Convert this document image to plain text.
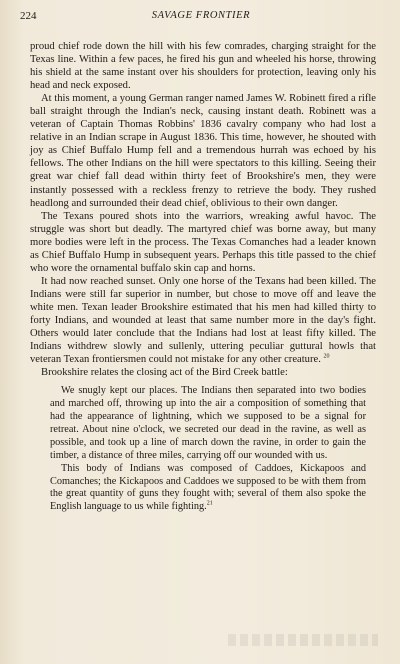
224	SAVAGE FRONTIER

proud chief rode down the hill with his few comrades, charging straight for the Texas line. Within a few paces, he fired his gun and wheeled his horse, throwing his shield at the same instant over his shoulders for protection, leaving only his head and neck exposed.

At this moment, a young German ranger named James W. Robinett fired a rifle ball straight through the Indian's neck, causing instant death. Robinett was a veteran of Captain Thomas Robbins' 1836 cavalry company who had lost a relative in an Indian scrape in August 1836. This time, however, he shouted with joy as Chief Buffalo Hump fell and a tremendous hurrah was echoed by his fellows. The other Indians on the hill were spectators to this killing. Seeing their great war chief fall dead within thirty feet of Brookshire's men, they were instantly possessed with a reckless frenzy to retrieve the body. They rushed headlong and surrounded their dead chief, oblivious to their own danger.

The Texans poured shots into the warriors, wreaking awful havoc. The struggle was short but deadly. The martyred chief was borne away, but many more bodies were left in the process. The Texas Comanches had a leader known as Chief Buffalo Hump in subsequent years. Perhaps this title passed to the chief who wore the ornamental buffalo skin cap and horns.

It had now reached sunset. Only one horse of the Texans had been killed. The Indians were still far superior in number, but chose to move off and leave the white men. Texan leader Brookshire estimated that his men had killed thirty to forty Indians, and wounded at least that same number more in the day's fight. Others would later conclude that the Indians had lost at least fifty killed. The Indians withdrew slowly and sullenly, uttering peculiar guttural howls that veteran Texan frontiersmen could not mistake for any other creature. $^{20}$

Brookshire relates the closing act of the Bird Creek battle:

We snugly kept our places. The Indians then separated into two bodies and marched off, throwing up into the air a composition of something that had the appearance of lightning, which we supposed to be a signal for retreat. About nine o'clock, we secreted our dead in the ravine, as well as possible, and took up a line of march down the ravine, in order to gain the timber, a distance of three miles, carrying off our wounded with us.

This body of Indians was composed of Caddoes, Kickapoos and Comanches; the Kickapoos and Caddoes we supposed to be with them from the great quantity of guns they fought with; several of them also spoke the English language to us while fighting.$^{21}$
